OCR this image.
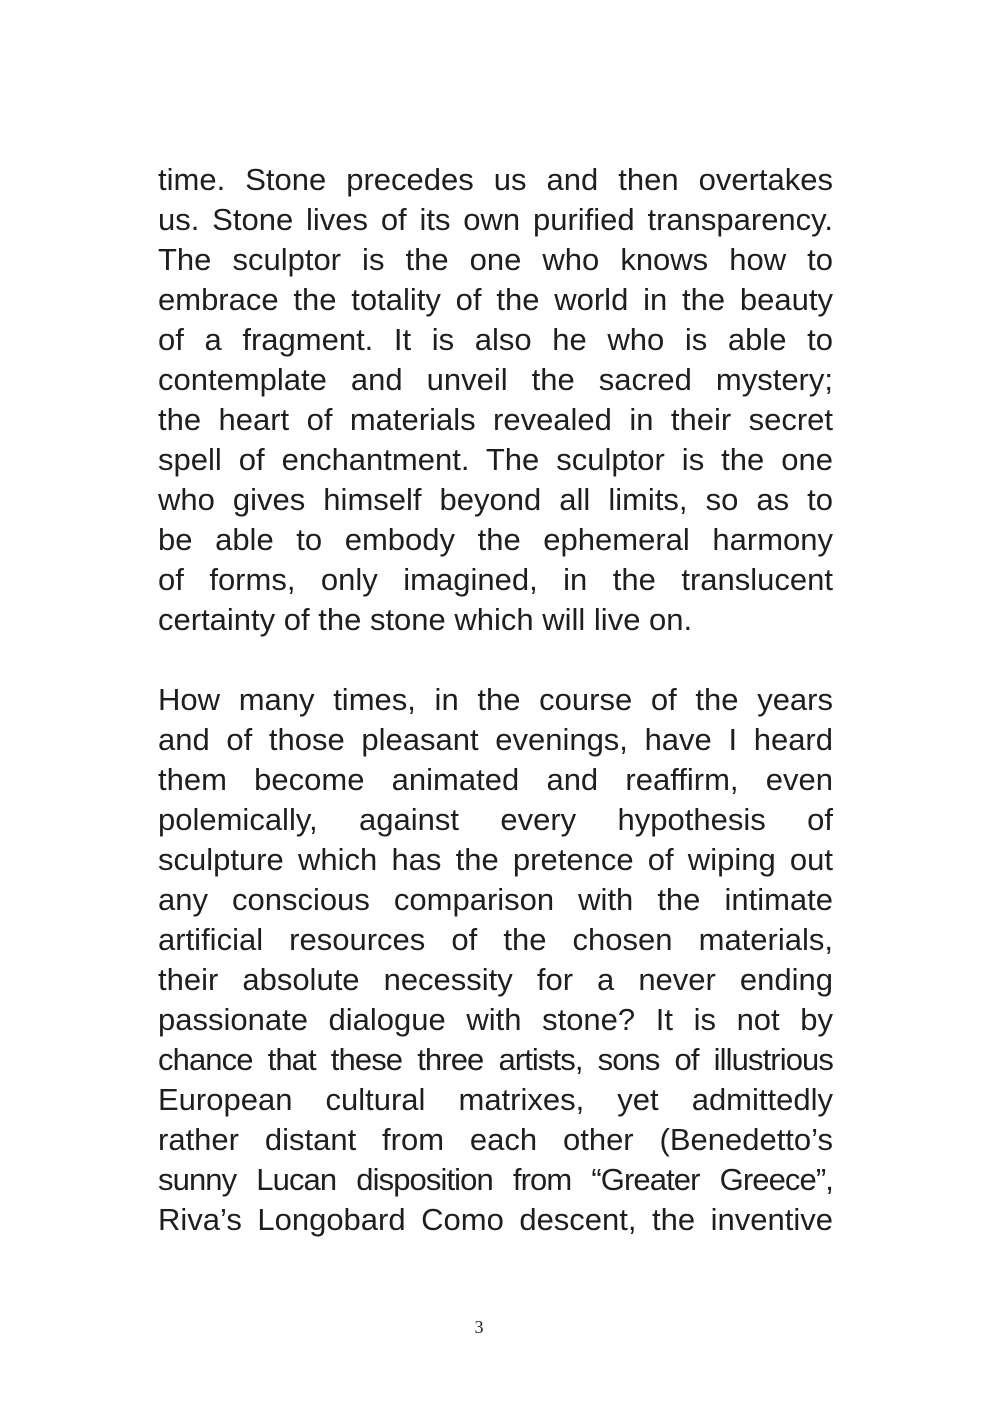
time. Stone precedes us and then overtakes
us. Stone lives of its own purified transparency.
The sculptor is the one who knows how to
embrace the totality of the world in the beauty
of a fragment. It is also he who is able to
contemplate and unveil the sacred mystery;
the heart of materials revealed in their secret
spell of enchantment. The sculptor is the one
who gives himself beyond all limits, so as to
be able to embody the ephemeral harmony
of forms, only imagined, in the translucent
certainty of the stone which will live on.
How many times, in the course of the years
and of those pleasant evenings, have I heard
them become animated and reaffirm, even
polemically, against every hypothesis of
sculpture which has the pretence of wiping out
any conscious comparison with the intimate
artificial resources of the chosen materials,
their absolute necessity for a never ending
passionate dialogue with stone? It is not by
chance that these three artists, sons of illustrious
European cultural matrixes, yet admittedly
rather distant from each other (Benedetto’s
sunny Lucan disposition from “Greater Greece”,
Riva’s Longobard Como descent, the inventive
3
